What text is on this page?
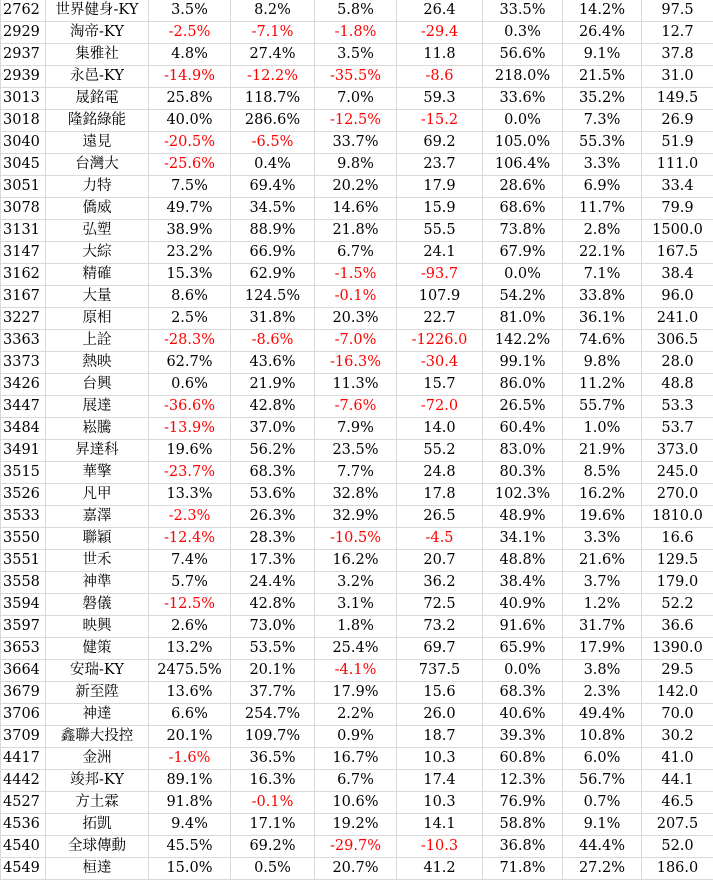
2762	世界健身-KY	3.5%	8.2%	5.8%	26.4	33.5%	14.2%	97.5
2929	淘帝-KY	-2.5%	-7.1%	-1.8%	-29.4	0.3%	26.4%	12.7
2937	集雅社	4.8%	27.4%	3.5%	11.8	56.6%	9.1%	37.8
2939	永邑-KY	-14.9%	-12.2%	-35.5%	-8.6	218.0%	21.5%	31.0
3013	晟銘電	25.8%	118.7%	7.0%	59.3	33.6%	35.2%	149.5
3018	隆銘綠能	40.0%	286.6%	-12.5%	-15.2	0.0%	7.3%	26.9
3040	遠見	-20.5%	-6.5%	33.7%	69.2	105.0%	55.3%	51.9
3045	台灣大	-25.6%	0.4%	9.8%	23.7	106.4%	3.3%	111.0
3051	力特	7.5%	69.4%	20.2%	17.9	28.6%	6.9%	33.4
3078	僑威	49.7%	34.5%	14.6%	15.9	68.6%	11.7%	79.9
3131	弘塑	38.9%	88.9%	21.8%	55.5	73.8%	2.8%	1500.0
3147	大綜	23.2%	66.9%	6.7%	24.1	67.9%	22.1%	167.5
3162	精確	15.3%	62.9%	-1.5%	-93.7	0.0%	7.1%	38.4
3167	大量	8.6%	124.5%	-0.1%	107.9	54.2%	33.8%	96.0
3227	原相	2.5%	31.8%	20.3%	22.7	81.0%	36.1%	241.0
3363	上詮	-28.3%	-8.6%	-7.0%	-1226.0	142.2%	74.6%	306.5
3373	熱映	62.7%	43.6%	-16.3%	-30.4	99.1%	9.8%	28.0
3426	台興	0.6%	21.9%	11.3%	15.7	86.0%	11.2%	48.8
3447	展達	-36.6%	42.8%	-7.6%	-72.0	26.5%	55.7%	53.3
3484	崧騰	-13.9%	37.0%	7.9%	14.0	60.4%	1.0%	53.7
3491	昇達科	19.6%	56.2%	23.5%	55.2	83.0%	21.9%	373.0
3515	華擎	-23.7%	68.3%	7.7%	24.8	80.3%	8.5%	245.0
3526	凡甲	13.3%	53.6%	32.8%	17.8	102.3%	16.2%	270.0
3533	嘉澤	-2.3%	26.3%	32.9%	26.5	48.9%	19.6%	1810.0
3550	聯穎	-12.4%	28.3%	-10.5%	-4.5	34.1%	3.3%	16.6
3551	世禾	7.4%	17.3%	16.2%	20.7	48.8%	21.6%	129.5
3558	神準	5.7%	24.4%	3.2%	36.2	38.4%	3.7%	179.0
3594	磐儀	-12.5%	42.8%	3.1%	72.5	40.9%	1.2%	52.2
3597	映興	2.6%	73.0%	1.8%	73.2	91.6%	31.7%	36.6
3653	健策	13.2%	53.5%	25.4%	69.7	65.9%	17.9%	1390.0
3664	安瑞-KY	2475.5%	20.1%	-4.1%	737.5	0.0%	3.8%	29.5
3679	新至陞	13.6%	37.7%	17.9%	15.6	68.3%	2.3%	142.0
3706	神達	6.6%	254.7%	2.2%	26.0	40.6%	49.4%	70.0
3709	鑫聯大投控	20.1%	109.7%	0.9%	18.7	39.3%	10.8%	30.2
4417	金洲	-1.6%	36.5%	16.7%	10.3	60.8%	6.0%	41.0
4442	竣邦-KY	89.1%	16.3%	6.7%	17.4	12.3%	56.7%	44.1
4527	方土霖	91.8%	-0.1%	10.6%	10.3	76.9%	0.7%	46.5
4536	拓凱	9.4%	17.1%	19.2%	14.1	58.8%	9.1%	207.5
4540	全球傳動	45.5%	69.2%	-29.7%	-10.3	36.8%	44.4%	52.0
4549	桓達	15.0%	0.5%	20.7%	41.2	71.8%	27.2%	186.0
